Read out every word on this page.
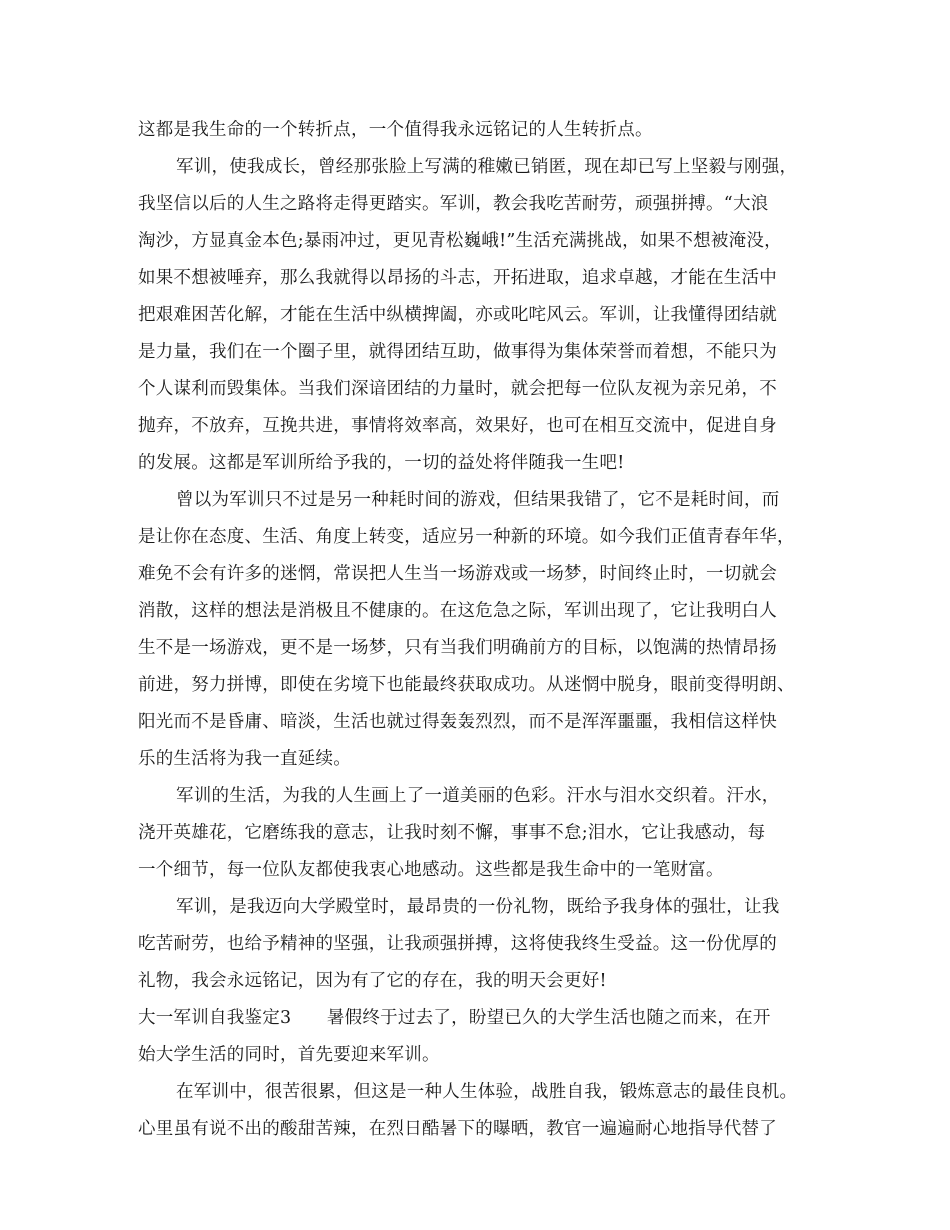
这都是我生命的一个转折点，一个值得我永远铭记的人生转折点。
军训，使我成长，曾经那张脸上写满的稚嫩已销匿，现在却已写上坚毅与刚强，
我坚信以后的人生之路将走得更踏实。军训，教会我吃苦耐劳，顽强拼搏。“大浪
淘沙，方显真金本色;暴雨冲过，更见青松巍峨!”生活充满挑战，如果不想被淹没，
如果不想被唾弃，那么我就得以昂扬的斗志，开拓进取，追求卓越，才能在生活中
把艰难困苦化解，才能在生活中纵横捭阖，亦或叱咤风云。军训，让我懂得团结就
是力量，我们在一个圈子里，就得团结互助，做事得为集体荣誉而着想，不能只为
个人谋利而毁集体。当我们深谙团结的力量时，就会把每一位队友视为亲兄弟，不
抛弃，不放弃，互挽共进，事情将效率高，效果好，也可在相互交流中，促进自身
的发展。这都是军训所给予我的，一切的益处将伴随我一生吧!
曾以为军训只不过是另一种耗时间的游戏，但结果我错了，它不是耗时间，而
是让你在态度、生活、角度上转变，适应另一种新的环境。如今我们正值青春年华，
难免不会有许多的迷惘，常误把人生当一场游戏或一场梦，时间终止时，一切就会
消散，这样的想法是消极且不健康的。在这危急之际，军训出现了，它让我明白人
生不是一场游戏，更不是一场梦，只有当我们明确前方的目标，以饱满的热情昂扬
前进，努力拼博，即使在劣境下也能最终获取成功。从迷惘中脱身，眼前变得明朗、
阳光而不是昏庸、暗淡，生活也就过得轰轰烈烈，而不是浑浑噩噩，我相信这样快
乐的生活将为我一直延续。
军训的生活，为我的人生画上了一道美丽的色彩。汗水与泪水交织着。汗水，
浇开英雄花，它磨练我的意志，让我时刻不懈，事事不怠;泪水，它让我感动，每
一个细节，每一位队友都使我衷心地感动。这些都是我生命中的一笔财富。
军训，是我迈向大学殿堂时，最昂贵的一份礼物，既给予我身体的强壮，让我
吃苦耐劳，也给予精神的坚强，让我顽强拼搏，这将使我终生受益。这一份优厚的
礼物，我会永远铭记，因为有了它的存在，我的明天会更好!
大一军训自我鉴定3　　暑假终于过去了，盼望已久的大学生活也随之而来，在开
始大学生活的同时，首先要迎来军训。
在军训中，很苦很累，但这是一种人生体验，战胜自我，锻炼意志的最佳良机。
心里虽有说不出的酸甜苦辣，在烈日酷暑下的曝晒，教官一遍遍耐心地指导代替了
